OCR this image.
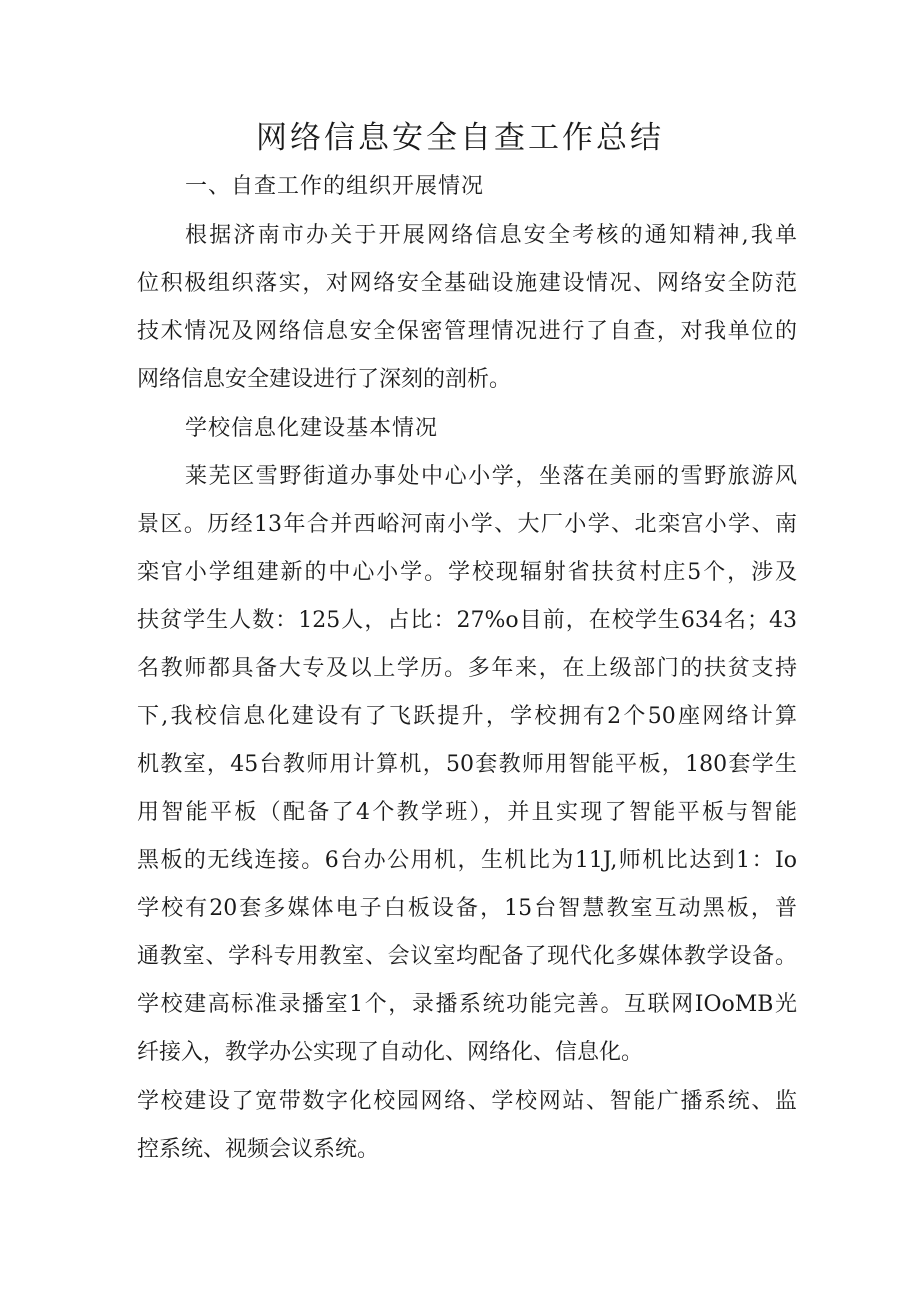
网络信息安全自查工作总结
一、自查工作的组织开展情况
根据济南市办关于开展网络信息安全考核的通知精神,我单
位积极组织落实，对网络安全基础设施建设情况、网络安全防范
技术情况及网络信息安全保密管理情况进行了自查，对我单位的
网络信息安全建设进行了深刻的剖析。
学校信息化建设基本情况
莱芜区雪野街道办事处中心小学，坐落在美丽的雪野旅游风
景区。历经13年合并西峪河南小学、大厂小学、北栾宫小学、南
栾官小学组建新的中心小学。学校现辐射省扶贫村庄5个，涉及
扶贫学生人数：125人，占比：27%o目前，在校学生634名；43
名教师都具备大专及以上学历。多年来，在上级部门的扶贫支持
下,我校信息化建设有了飞跃提升，学校拥有2个50座网络计算
机教室，45台教师用计算机，50套教师用智能平板，180套学生
用智能平板（配备了4个教学班），并且实现了智能平板与智能
黑板的无线连接。6台办公用机，生机比为11J,师机比达到1：Io
学校有20套多媒体电子白板设备，15台智慧教室互动黑板，普
通教室、学科专用教室、会议室均配备了现代化多媒体教学设备。
学校建高标准录播室1个，录播系统功能完善。互联网IOoMB光
纤接入，教学办公实现了自动化、网络化、信息化。
学校建设了宽带数字化校园网络、学校网站、智能广播系统、监
控系统、视频会议系统。
